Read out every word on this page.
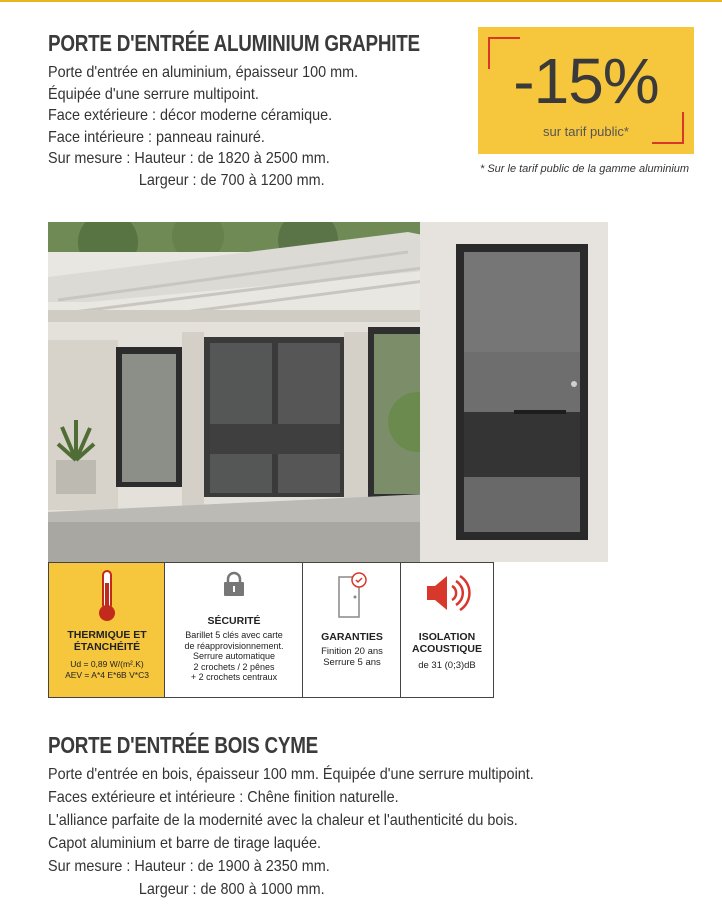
PORTE D'ENTRÉE ALUMINIUM GRAPHITE
Porte d'entrée en aluminium, épaisseur 100 mm.
Équipée d'une serrure multipoint.
Face extérieure : décor moderne céramique.
Face intérieure : panneau rainuré.
Sur mesure : Hauteur : de 1820 à 2500 mm.
Largeur : de 700 à 1200 mm.
-15%
sur tarif public*
* Sur le tarif public de la gamme aluminium
THERMIQUE ET
ÉTANCHÉITÉ
Ud = 0,89 W/(m².K)
AEV = A*4 E*6B V*C3
SÉCURITÉ
Barillet 5 clés avec carte
de réapprovisionnement.
Serrure automatique
2 crochets / 2 pênes
+ 2 crochets centraux
GARANTIES
Finition 20 ans
Serrure 5 ans
ISOLATION
ACOUSTIQUE
de 31 (0;3)dB
PORTE D'ENTRÉE BOIS CYME
Porte d'entrée en bois, épaisseur 100 mm. Équipée d'une serrure multipoint.
Faces extérieure et intérieure : Chêne finition naturelle.
L'alliance parfaite de la modernité avec la chaleur et l'authenticité du bois.
Capot aluminium et barre de tirage laquée.
Sur mesure : Hauteur : de 1900 à 2350 mm.
Largeur : de 800 à 1000 mm.
